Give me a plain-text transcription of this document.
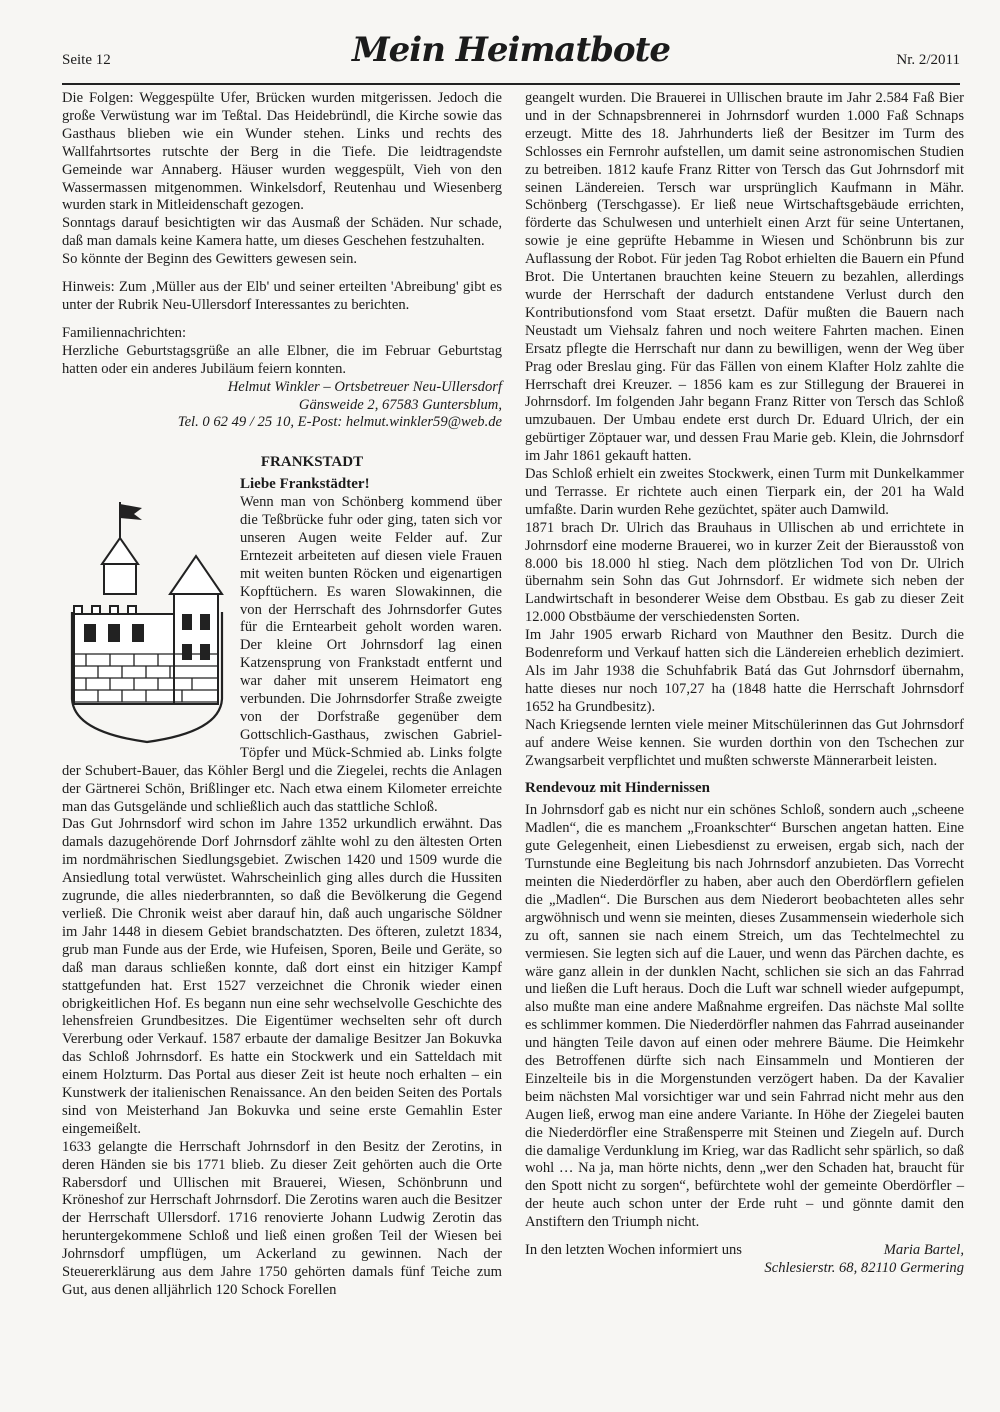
Seite 12	Mein Heimatbote	Nr. 2/2011

Die Folgen: Weggespülte Ufer, Brücken wurden mitgerissen. Jedoch die große Verwüstung war im Teßtal. Das Heidebründl, die Kirche sowie das Gasthaus blieben wie ein Wunder stehen. Links und rechts des Wallfahrtsortes rutschte der Berg in die Tiefe. Die leidtragendste Gemeinde war Annaberg. Häuser wurden weggespült, Vieh von den Wassermassen mitgenommen. Winkelsdorf, Reutenhau und Wiesenberg wurden stark in Mitleidenschaft gezogen.

Sonntags darauf besichtigten wir das Ausmaß der Schäden. Nur schade, daß man damals keine Kamera hatte, um dieses Geschehen festzuhalten.

So könnte der Beginn des Gewitters gewesen sein.

Hinweis: Zum ‚Müller aus der Elb' und seiner erteilten 'Abreibung' gibt es unter der Rubrik Neu-Ullersdorf Interessantes zu berichten.

Familiennachrichten:

Herzliche Geburtstagsgrüße an alle Elbner, die im Februar Geburtstag hatten oder ein anderes Jubiläum feiern konnten.

Helmut Winkler – Ortsbetreuer Neu-Ullersdorf

Gänsweide 2, 67583 Guntersblum,

Tel. 0 62 49 / 25 10, E-Post: helmut.winkler59@web.de

FRANKSTADT

Liebe Frankstädter!

Wenn man von Schönberg kommend über die Teßbrücke fuhr oder ging, taten sich vor unseren Augen weite Felder auf. Zur Erntezeit arbeiteten auf diesen viele Frauen mit weiten bunten Röcken und eigenartigen Kopftüchern. Es waren Slowakinnen, die von der Herrschaft des Johrnsdorfer Gutes für die Erntearbeit geholt worden waren. Der kleine Ort Johrnsdorf lag einen Katzensprung von Frankstadt entfernt und war daher mit unserem Heimatort eng verbunden. Die Johrnsdorfer Straße zweigte von der Dorfstraße gegenüber dem Gottschlich-Gasthaus, zwischen Gabriel-Töpfer und Mück-Schmied ab. Links folgte der Schubert-Bauer, das Köhler Bergl und die Ziegelei, rechts die Anlagen der Gärtnerei Schön, Brißlinger etc. Nach etwa einem Kilometer erreichte man das Gutsgelände und schließlich auch das stattliche Schloß.

Das Gut Johrnsdorf wird schon im Jahre 1352 urkundlich erwähnt. Das damals dazugehörende Dorf Johrnsdorf zählte wohl zu den ältesten Orten im nordmährischen Siedlungsgebiet. Zwischen 1420 und 1509 wurde die Ansiedlung total verwüstet. Wahrscheinlich ging alles durch die Hussiten zugrunde, die alles niederbrannten, so daß die Bevölkerung die Gegend verließ. Die Chronik weist aber darauf hin, daß auch ungarische Söldner im Jahr 1448 in diesem Gebiet brandschatzten. Des öfteren, zuletzt 1834, grub man Funde aus der Erde, wie Hufeisen, Sporen, Beile und Geräte, so daß man daraus schließen konnte, daß dort einst ein hitziger Kampf stattgefunden hat. Erst 1527 verzeichnet die Chronik wieder einen obrigkeitlichen Hof. Es begann nun eine sehr wechselvolle Geschichte des lehensfreien Grundbesitzes. Die Eigentümer wechselten sehr oft durch Vererbung oder Verkauf. 1587 erbaute der damalige Besitzer Jan Bokuvka das Schloß Johrnsdorf. Es hatte ein Stockwerk und ein Satteldach mit einem Holzturm. Das Portal aus dieser Zeit ist heute noch erhalten – ein Kunstwerk der italienischen Renaissance. An den beiden Seiten des Portals sind von Meisterhand Jan Bokuvka und seine erste Gemahlin Ester eingemeißelt.

1633 gelangte die Herrschaft Johrnsdorf in den Besitz der Zerotins, in deren Händen sie bis 1771 blieb. Zu dieser Zeit gehörten auch die Orte Rabersdorf und Ullischen mit Brauerei, Wiesen, Schönbrunn und Kröneshof zur Herrschaft Johrnsdorf. Die Zerotins waren auch die Besitzer der Herrschaft Ullersdorf. 1716 renovierte Johann Ludwig Zerotin das heruntergekommene Schloß und ließ einen großen Teil der Wiesen bei Johrnsdorf umpflügen, um Ackerland zu gewinnen. Nach der Steuererklärung aus dem Jahre 1750 gehörten damals fünf Teiche zum Gut, aus denen alljährlich 120 Schock Forellen

geangelt wurden. Die Brauerei in Ullischen braute im Jahr 2.584 Faß Bier und in der Schnapsbrennerei in Johrnsdorf wurden 1.000 Faß Schnaps erzeugt. Mitte des 18. Jahrhunderts ließ der Besitzer im Turm des Schlosses ein Fernrohr aufstellen, um damit seine astronomischen Studien zu betreiben. 1812 kaufe Franz Ritter von Tersch das Gut Johrnsdorf mit seinen Ländereien. Tersch war ursprünglich Kaufmann in Mähr. Schönberg (Terschgasse). Er ließ neue Wirtschaftsgebäude errichten, förderte das Schulwesen und unterhielt einen Arzt für seine Untertanen, sowie je eine geprüfte Hebamme in Wiesen und Schönbrunn bis zur Auflassung der Robot. Für jeden Tag Robot erhielten die Bauern ein Pfund Brot. Die Untertanen brauchten keine Steuern zu bezahlen, allerdings wurde der Herrschaft der dadurch entstandene Verlust durch den Kontributionsfond vom Staat ersetzt. Dafür mußten die Bauern nach Neustadt um Viehsalz fahren und noch weitere Fahrten machen. Einen Ersatz pflegte die Herrschaft nur dann zu bewilligen, wenn der Weg über Prag oder Breslau ging. Für das Fällen von einem Klafter Holz zahlte die Herrschaft drei Kreuzer. – 1856 kam es zur Stillegung der Brauerei in Johrnsdorf. Im folgenden Jahr begann Franz Ritter von Tersch das Schloß umzubauen. Der Umbau endete erst durch Dr. Eduard Ulrich, der ein gebürtiger Zöptauer war, und dessen Frau Marie geb. Klein, die Johrnsdorf im Jahr 1861 gekauft hatten.

Das Schloß erhielt ein zweites Stockwerk, einen Turm mit Dunkelkammer und Terrasse. Er richtete auch einen Tierpark ein, der 201 ha Wald umfaßte. Darin wurden Rehe gezüchtet, später auch Damwild.

1871 brach Dr. Ulrich das Brauhaus in Ullischen ab und errichtete in Johrnsdorf eine moderne Brauerei, wo in kurzer Zeit der Bierausstoß von 8.000 bis 18.000 hl stieg. Nach dem plötzlichen Tod von Dr. Ulrich übernahm sein Sohn das Gut Johrnsdorf. Er widmete sich neben der Landwirtschaft in besonderer Weise dem Obstbau. Es gab zu dieser Zeit 12.000 Obstbäume der verschiedensten Sorten.

Im Jahr 1905 erwarb Richard von Mauthner den Besitz. Durch die Bodenreform und Verkauf hatten sich die Ländereien erheblich dezimiert. Als im Jahr 1938 die Schuhfabrik Batá das Gut Johrnsdorf übernahm, hatte dieses nur noch 107,27 ha (1848 hatte die Herrschaft Johrnsdorf 1652 ha Grundbesitz).

Nach Kriegsende lernten viele meiner Mitschülerinnen das Gut Johrnsdorf auf andere Weise kennen. Sie wurden dorthin von den Tschechen zur Zwangsarbeit verpflichtet und mußten schwerste Männerarbeit leisten.

Rendevouz mit Hindernissen

In Johrnsdorf gab es nicht nur ein schönes Schloß, sondern auch „scheene Madlen“, die es manchem „Froankschter“ Burschen angetan hatten. Eine gute Gelegenheit, einen Liebesdienst zu erweisen, ergab sich, nach der Turnstunde eine Begleitung bis nach Johrnsdorf anzubieten. Das Vorrecht meinten die Niederdörfler zu haben, aber auch den Oberdörflern gefielen die „Madlen“. Die Burschen aus dem Niederort beobachteten alles sehr argwöhnisch und wenn sie meinten, dieses Zusammensein wiederhole sich zu oft, sannen sie nach einem Streich, um das Techtelmechtel zu vermiesen. Sie legten sich auf die Lauer, und wenn das Pärchen dachte, es wäre ganz allein in der dunklen Nacht, schlichen sie sich an das Fahrrad und ließen die Luft heraus. Doch die Luft war schnell wieder aufgepumpt, also mußte man eine andere Maßnahme ergreifen. Das nächste Mal sollte es schlimmer kommen. Die Niederdörfler nahmen das Fahrrad auseinander und hängten Teile davon auf einen oder mehrere Bäume. Die Heimkehr des Betroffenen dürfte sich nach Einsammeln und Montieren der Einzelteile bis in die Morgenstunden verzögert haben. Da der Kavalier beim nächsten Mal vorsichtiger war und sein Fahrrad nicht mehr aus den Augen ließ, erwog man eine andere Variante. In Höhe der Ziegelei bauten die Niederdörfler eine Straßensperre mit Steinen und Ziegeln auf. Durch die damalige Verdunklung im Krieg, war das Radlicht sehr spärlich, so daß wohl … Na ja, man hörte nichts, denn „wer den Schaden hat, braucht für den Spott nicht zu sorgen“, befürchtete wohl der gemeinte Oberdörfler – der heute auch schon unter der Erde ruht – und gönnte damit den Anstiftern den Triumph nicht.

In den letzten Wochen informiert uns	Maria Bartel,

Schlesierstr. 68, 82110 Germering
